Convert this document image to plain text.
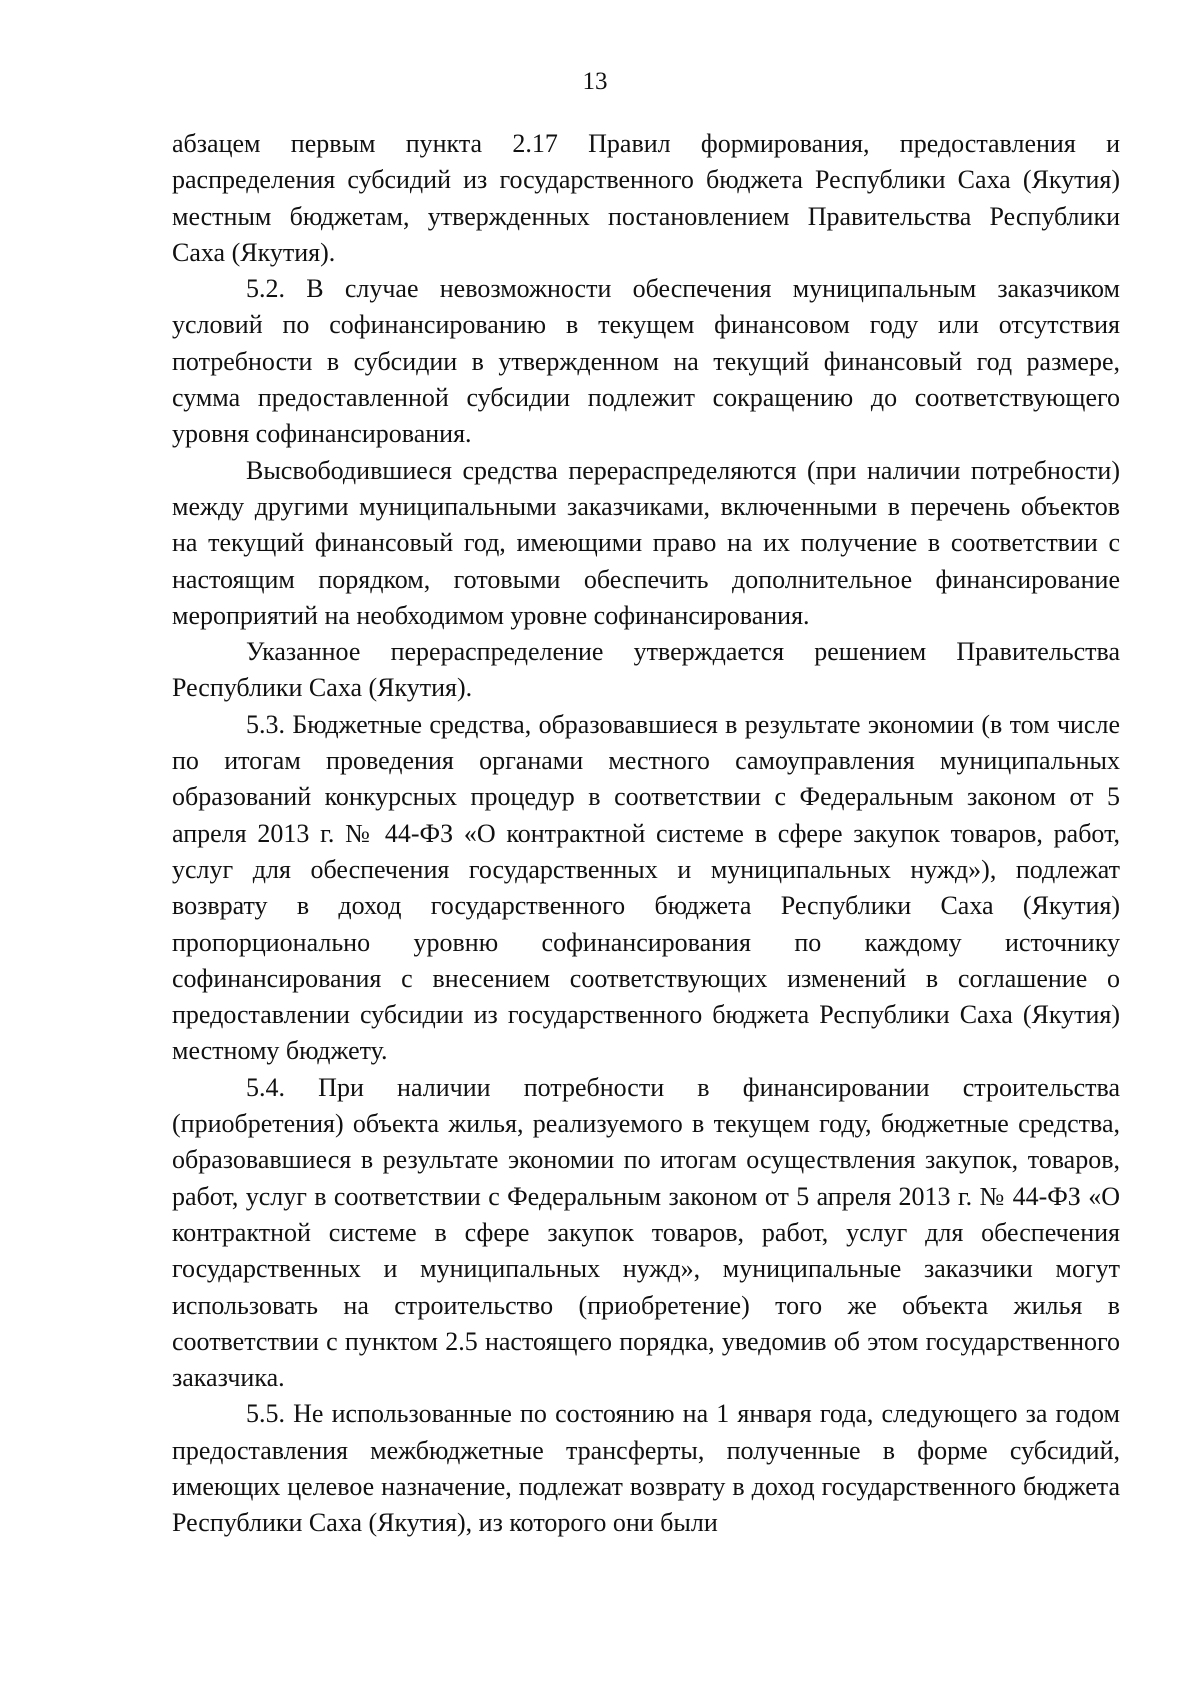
13

абзацем первым пункта 2.17 Правил формирования, предоставления и распределения субсидий из государственного бюджета Республики Саха (Якутия) местным бюджетам, утвержденных постановлением Правительства Республики Саха (Якутия).

5.2. В случае невозможности обеспечения муниципальным заказчиком условий по софинансированию в текущем финансовом году или отсутствия потребности в субсидии в утвержденном на текущий финансовый год размере, сумма предоставленной субсидии подлежит сокращению до соответствующего уровня софинансирования.

Высвободившиеся средства перераспределяются (при наличии потребности) между другими муниципальными заказчиками, включенными в перечень объектов на текущий финансовый год, имеющими право на их получение в соответствии с настоящим порядком, готовыми обеспечить дополнительное финансирование мероприятий на необходимом уровне софинансирования.

Указанное перераспределение утверждается решением Правительства Республики Саха (Якутия).

5.3. Бюджетные средства, образовавшиеся в результате экономии (в том числе по итогам проведения органами местного самоуправления муниципальных образований конкурсных процедур в соответствии с Федеральным законом от 5 апреля 2013 г. № 44-ФЗ «О контрактной системе в сфере закупок товаров, работ, услуг для обеспечения государственных и муниципальных нужд»), подлежат возврату в доход государственного бюджета Республики Саха (Якутия) пропорционально уровню софинансирования по каждому источнику софинансирования с внесением соответствующих изменений в соглашение о предоставлении субсидии из государственного бюджета Республики Саха (Якутия) местному бюджету.

5.4. При наличии потребности в финансировании строительства (приобретения) объекта жилья, реализуемого в текущем году, бюджетные средства, образовавшиеся в результате экономии по итогам осуществления закупок, товаров, работ, услуг в соответствии с Федеральным законом от 5 апреля 2013 г. № 44-ФЗ «О контрактной системе в сфере закупок товаров, работ, услуг для обеспечения государственных и муниципальных нужд», муниципальные заказчики могут использовать на строительство (приобретение) того же объекта жилья в соответствии с пунктом 2.5 настоящего порядка, уведомив об этом государственного заказчика.

5.5. Не использованные по состоянию на 1 января года, следующего за годом предоставления межбюджетные трансферты, полученные в форме субсидий, имеющих целевое назначение, подлежат возврату в доход государственного бюджета Республики Саха (Якутия), из которого они были
